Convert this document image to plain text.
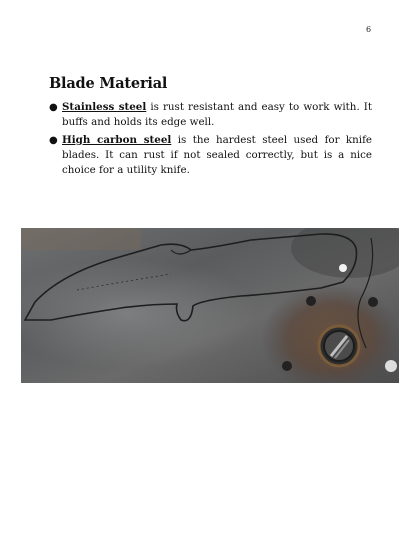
6
Blade Material
● Stainless steel is rust resistant and easy to work with. It buffs and holds its edge well.
● High carbon steel is the hardest steel used for knife blades. It can rust if not sealed correctly, but is a nice choice for a utility knife.
